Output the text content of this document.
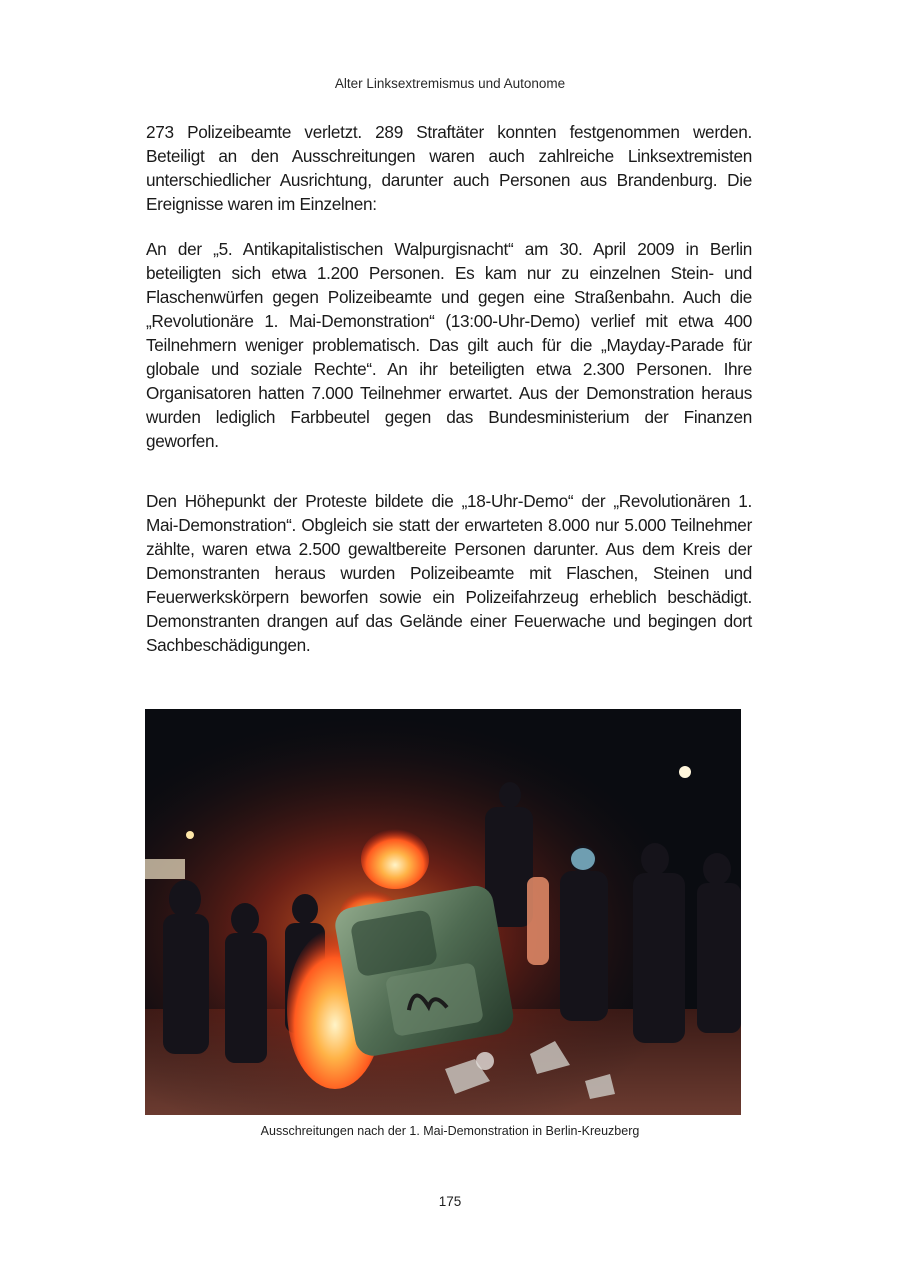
Alter Linksextremismus und Autonome

273 Polizeibeamte verletzt. 289 Straftäter konnten festgenommen werden. Beteiligt an den Ausschreitungen waren auch zahlreiche Linksextremisten unterschiedlicher Ausrichtung, darunter auch Personen aus Brandenburg. Die Ereignisse waren im Einzelnen:

An der „5. Antikapitalistischen Walpurgisnacht“ am 30. April 2009 in Berlin beteiligten sich etwa 1.200 Personen. Es kam nur zu einzelnen Stein- und Flaschenwürfen gegen Polizeibeamte und gegen eine Straßenbahn. Auch die „Revolutionäre 1. Mai-Demonstration“ (13:00-Uhr-Demo) verlief mit etwa 400 Teilnehmern weniger problematisch. Das gilt auch für die „Mayday-Parade für globale und soziale Rechte“. An ihr beteiligten etwa 2.300 Personen. Ihre Organisatoren hatten 7.000 Teilnehmer erwartet. Aus der Demonstration heraus wurden lediglich Farbbeutel gegen das Bundesministerium der Finanzen geworfen.

Den Höhepunkt der Proteste bildete die „18-Uhr-Demo“ der „Revolutionären 1. Mai-Demonstration“. Obgleich sie statt der erwarteten 8.000 nur 5.000 Teilnehmer zählte, waren etwa 2.500 gewaltbereite Personen darunter. Aus dem Kreis der Demonstranten heraus wurden Polizeibeamte mit Flaschen, Steinen und Feuerwerkskörpern beworfen sowie ein Polizeifahrzeug erheblich beschädigt. Demonstranten drangen auf das Gelände einer Feuerwache und begingen dort Sachbeschädigungen.

Ausschreitungen nach der 1. Mai-Demonstration in Berlin-Kreuzberg
175
